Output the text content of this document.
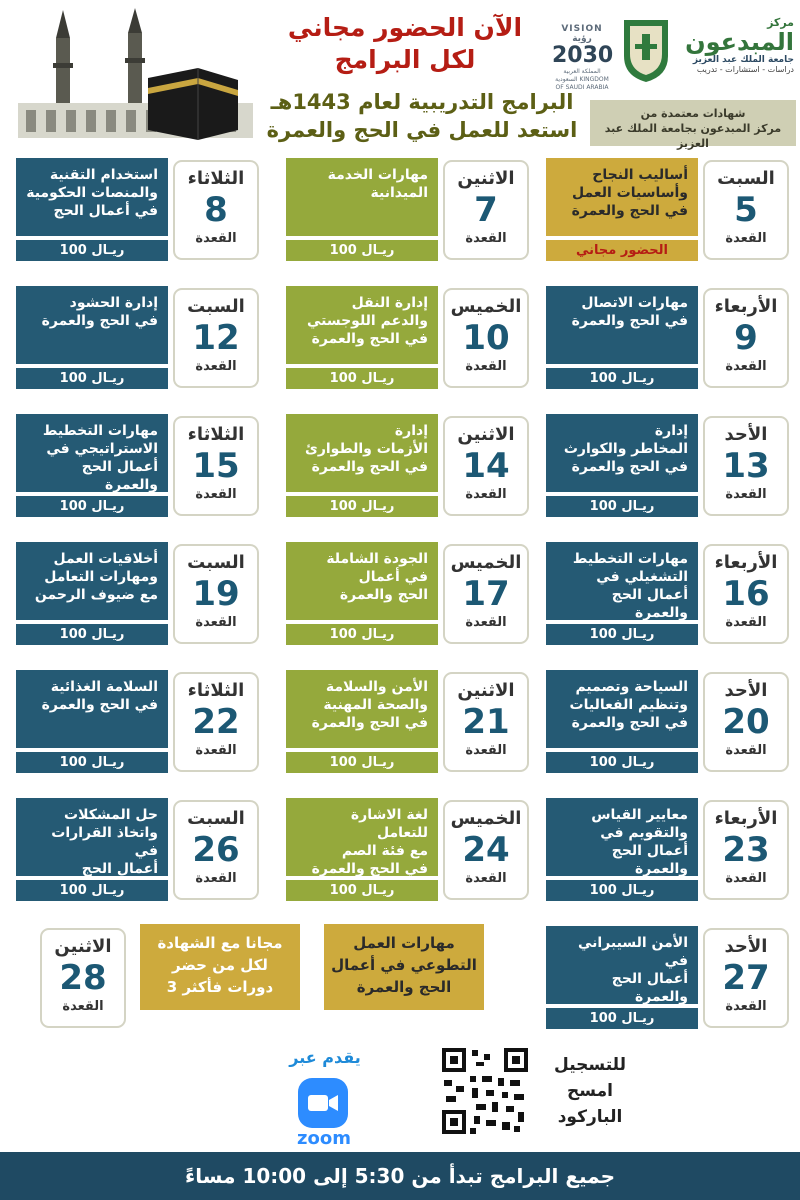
الآن الحضور مجاني
لكل البرامج
البرامج التدريبية لعام 1443هـ
استعد للعمل في الحج والعمرة
VISION رؤية
2030
المملكة العربية السعودية KINGDOM OF SAUDI ARABIA
مركز
المبدعون
جامعة الملك عبد العزيز
دراسات - استشارات - تدريب
شهادات معتمدة من
مركز المبدعون بجامعة الملك عبد العزيز
السبت
5
القعدة
أساليب النجاح
وأساسيات العمل
في الحج والعمرة
الحضور مجاني
الاثنين
7
القعدة
مهارات الخدمة
الميدانية
100 ريـال
الثلاثاء
8
القعدة
استخدام التقنية
والمنصات الحكومية
في أعمال الحج
100 ريـال
الأربعاء
9
القعدة
مهارات الاتصال
في الحج والعمرة
100 ريـال
الخميس
10
القعدة
إدارة النقل
والدعم اللوجستي
في الحج والعمرة
100 ريـال
السبت
12
القعدة
إدارة الحشود
في الحج والعمرة
100 ريـال
الأحد
13
القعدة
إدارة
المخاطر والكوارث
في الحج والعمرة
100 ريـال
الاثنين
14
القعدة
إدارة
الأزمات والطوارئ
في الحج والعمرة
100 ريـال
الثلاثاء
15
القعدة
مهارات التخطيط
الاستراتيجي في
أعمال الحج والعمرة
100 ريـال
الأربعاء
16
القعدة
مهارات التخطيط
التشغيلي في
أعمال الحج والعمرة
100 ريـال
الخميس
17
القعدة
الجودة الشاملة
في أعمال
الحج والعمرة
100 ريـال
السبت
19
القعدة
أخلاقيات العمل
ومهارات التعامل
مع ضيوف الرحمن
100 ريـال
الأحد
20
القعدة
السياحة وتصميم
وتنظيم الفعاليات
في الحج والعمرة
100 ريـال
الاثنين
21
القعدة
الأمن والسلامة
والصحة المهنية
في الحج والعمرة
100 ريـال
الثلاثاء
22
القعدة
السلامة الغذائية
في الحج والعمرة
100 ريـال
الأربعاء
23
القعدة
معايير القياس
والتقويم في
أعمال الحج والعمرة
100 ريـال
الخميس
24
القعدة
لغة الاشارة للتعامل
مع فئة الصم
في الحج والعمرة
100 ريـال
السبت
26
القعدة
حل المشكلات
واتخاذ القرارات في
أعمال الحج
100 ريـال
الأحد
27
القعدة
الأمن السيبراني في
أعمال الحج والعمرة
100 ريـال
الاثنين
28
القعدة
مجانا مع الشهادة
لكل من حضر
3 دورات فأكثر
مهارات العمل
التطوعي في أعمال
الحج والعمرة
يقدم عبر
zoom
للتسجيل
امسح
الباركود
جميع البرامج تبدأ من 5:30 إلى 10:00 مساءً
